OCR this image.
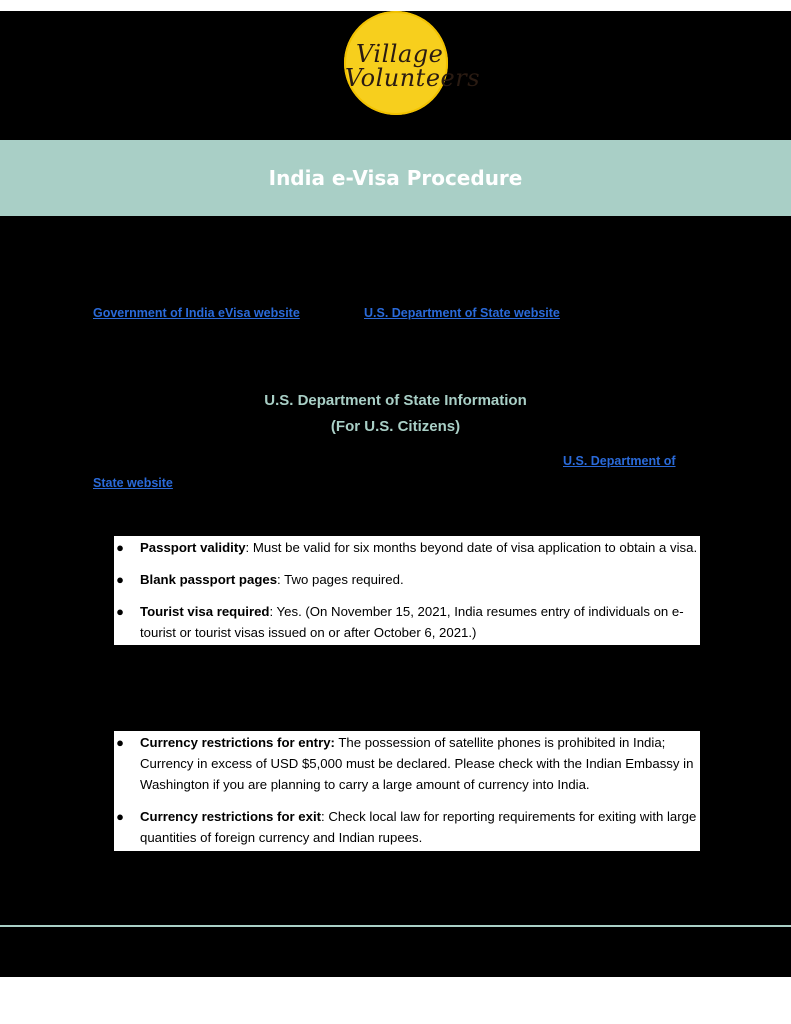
Village
Volunteers
India e-Visa Procedure
Government of India eVisa website	U.S. Department of State website
U.S. Department of State Information
(For U.S. Citizens)
U.S. Department of
State website
● Passport validity: Must be valid for six months beyond date of visa application to obtain a visa.
● Blank passport pages: Two pages required.
● Tourist visa required: Yes. (On November 15, 2021, India resumes entry of individuals on e-tourist or tourist visas issued on or after October 6, 2021.)
● Currency restrictions for entry: The possession of satellite phones is prohibited in India; Currency in excess of USD $5,000 must be declared. Please check with the Indian Embassy in Washington if you are planning to carry a large amount of currency into India.
● Currency restrictions for exit: Check local law for reporting requirements for exiting with large quantities of foreign currency and Indian rupees.
